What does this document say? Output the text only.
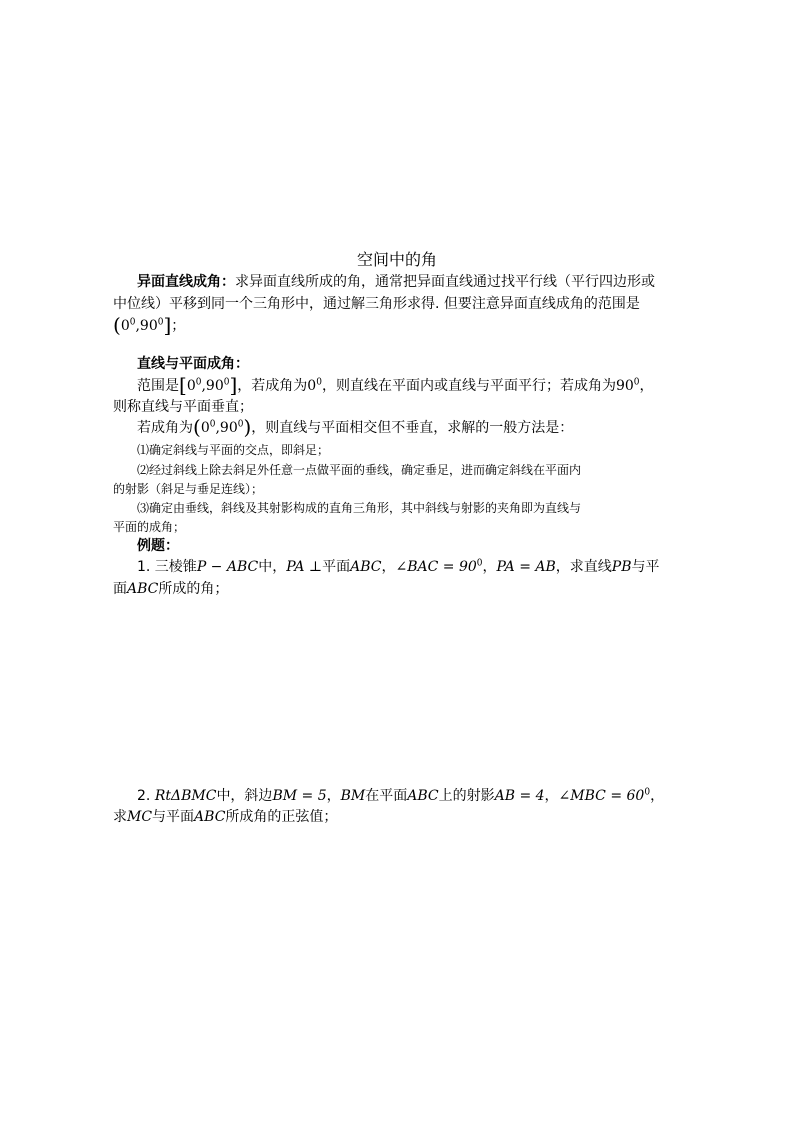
空间中的角
异面直线成角：求异面直线所成的角，通常把异面直线通过找平行线（平行四边形或
中位线）平移到同一个三角形中，通过解三角形求得. 但要注意异面直线成角的范围是
$(0^0,90^0]$；
直线与平面成角：
范围是$[0^0,90^0]$，若成角为$0^0$，则直线在平面内或直线与平面平行；若成角为$90^0$，
则称直线与平面垂直；
若成角为$(0^0,90^0)$，则直线与平面相交但不垂直，求解的一般方法是：
⑴确定斜线与平面的交点，即斜足；
⑵经过斜线上除去斜足外任意一点做平面的垂线，确定垂足，进而确定斜线在平面内
的射影（斜足与垂足连线）；
⑶确定由垂线，斜线及其射影构成的直角三角形，其中斜线与射影的夹角即为直线与
平面的成角；
例题：
1. 三棱锥P − ABC中，PA ⊥平面ABC，∠BAC = $90^0$，PA = AB，求直线PB与平
面ABC所成的角；
2. RtΔBMC中，斜边BM = 5，BM在平面ABC上的射影AB = 4，∠MBC = $60^0$，
求MC与平面ABC所成角的正弦值；
